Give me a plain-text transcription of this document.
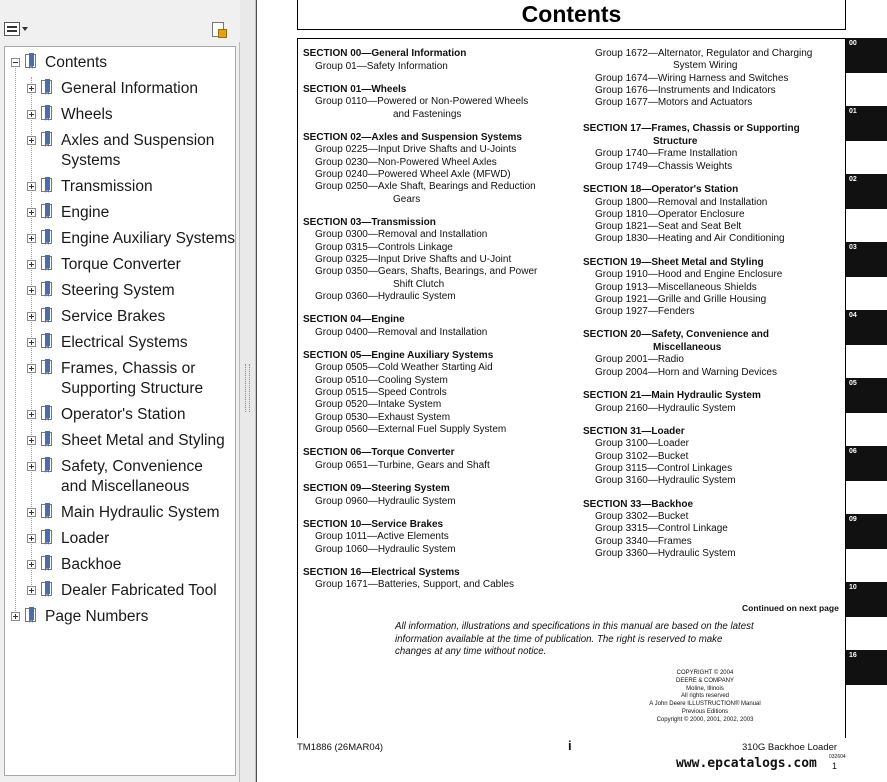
Contents
General Information
Wheels
Axles and Suspension Systems
Transmission
Engine
Engine Auxiliary Systems
Torque Converter
Steering System
Service Brakes
Electrical Systems
Frames, Chassis or Supporting Structure
Operator's Station
Sheet Metal and Styling
Safety, Convenience and Miscellaneous
Main Hydraulic System
Loader
Backhoe
Dealer Fabricated Tool
Page Numbers
Contents
SECTION 00—General Information
Group 01—Safety Information
SECTION 01—Wheels
Group 0110—Powered or Non-Powered Wheels
and Fastenings
SECTION 02—Axles and Suspension Systems
Group 0225—Input Drive Shafts and U-Joints
Group 0230—Non-Powered Wheel Axles
Group 0240—Powered Wheel Axle (MFWD)
Group 0250—Axle Shaft, Bearings and Reduction
Gears
SECTION 03—Transmission
Group 0300—Removal and Installation
Group 0315—Controls Linkage
Group 0325—Input Drive Shafts and U-Joint
Group 0350—Gears, Shafts, Bearings, and Power
Shift Clutch
Group 0360—Hydraulic System
SECTION 04—Engine
Group 0400—Removal and Installation
SECTION 05—Engine Auxiliary Systems
Group 0505—Cold Weather Starting Aid
Group 0510—Cooling System
Group 0515—Speed Controls
Group 0520—Intake System
Group 0530—Exhaust System
Group 0560—External Fuel Supply System
SECTION 06—Torque Converter
Group 0651—Turbine, Gears and Shaft
SECTION 09—Steering System
Group 0960—Hydraulic System
SECTION 10—Service Brakes
Group 1011—Active Elements
Group 1060—Hydraulic System
SECTION 16—Electrical Systems
Group 1671—Batteries, Support, and Cables
Group 1672—Alternator, Regulator and Charging
System Wiring
Group 1674—Wiring Harness and Switches
Group 1676—Instruments and Indicators
Group 1677—Motors and Actuators
SECTION 17—Frames, Chassis or Supporting
Structure
Group 1740—Frame Installation
Group 1749—Chassis Weights
SECTION 18—Operator's Station
Group 1800—Removal and Installation
Group 1810—Operator Enclosure
Group 1821—Seat and Seat Belt
Group 1830—Heating and Air Conditioning
SECTION 19—Sheet Metal and Styling
Group 1910—Hood and Engine Enclosure
Group 1913—Miscellaneous Shields
Group 1921—Grille and Grille Housing
Group 1927—Fenders
SECTION 20—Safety, Convenience and
Miscellaneous
Group 2001—Radio
Group 2004—Horn and Warning Devices
SECTION 21—Main Hydraulic System
Group 2160—Hydraulic System
SECTION 31—Loader
Group 3100—Loader
Group 3102—Bucket
Group 3115—Control Linkages
Group 3160—Hydraulic System
SECTION 33—Backhoe
Group 3302—Bucket
Group 3315—Control Linkage
Group 3340—Frames
Group 3360—Hydraulic System
Continued on next page
All information, illustrations and specifications in this manual are based on the latest information available at the time of publication. The right is reserved to make changes at any time without notice.
COPYRIGHT © 2004
DEERE & COMPANY
Moline, Illinois
All rights reserved
A John Deere ILLUSTRUCTION® Manual
Previous Editions
Copyright © 2000, 2001, 2002, 2003
00
01
02
03
04
05
06
09
10
16
TM1886 (26MAR04)	i	310G Backhoe Loader
032604
1
www.epcatalogs.com
